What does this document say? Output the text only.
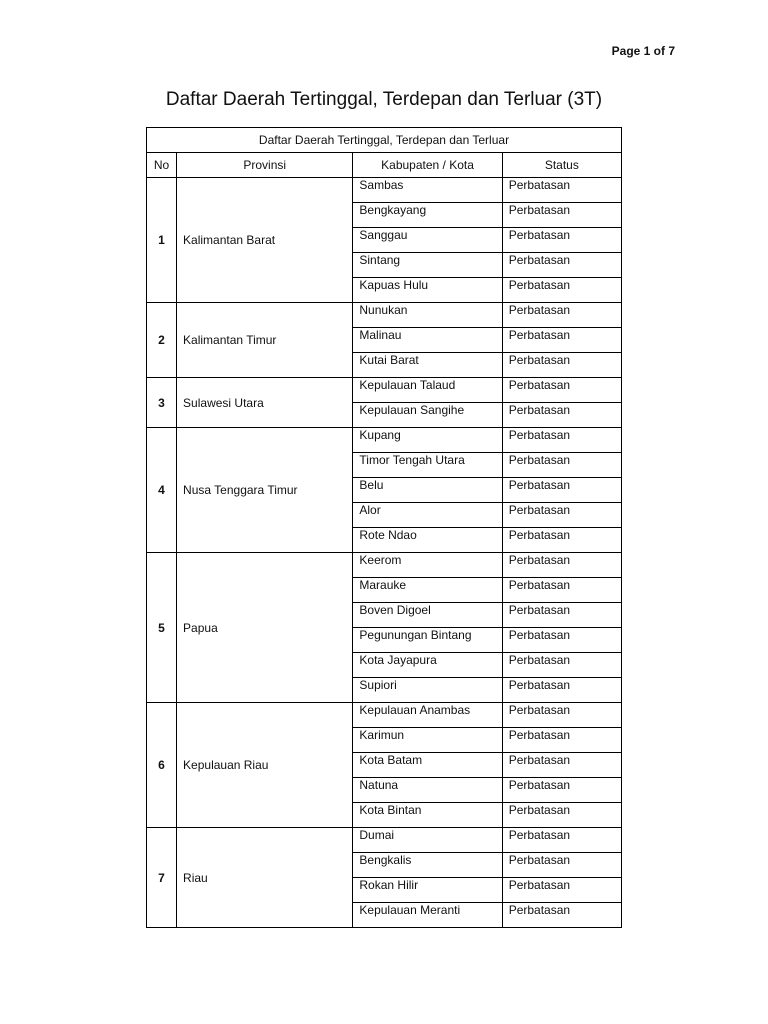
Page 1 of 7
Daftar Daerah Tertinggal, Terdepan dan Terluar (3T)
Daftar Daerah Tertinggal, Terdepan dan Terluar			
No	Provinsi	Kabupaten / Kota	Status
1	Kalimantan Barat	Sambas	Perbatasan
		Bengkayang	Perbatasan
		Sanggau	Perbatasan
		Sintang	Perbatasan
		Kapuas Hulu	Perbatasan
2	Kalimantan Timur	Nunukan	Perbatasan
		Malinau	Perbatasan
		Kutai Barat	Perbatasan
3	Sulawesi Utara	Kepulauan Talaud	Perbatasan
		Kepulauan Sangihe	Perbatasan
4	Nusa Tenggara Timur	Kupang	Perbatasan
		Timor Tengah Utara	Perbatasan
		Belu	Perbatasan
		Alor	Perbatasan
		Rote Ndao	Perbatasan
5	Papua	Keerom	Perbatasan
		Marauke	Perbatasan
		Boven Digoel	Perbatasan
		Pegunungan Bintang	Perbatasan
		Kota Jayapura	Perbatasan
		Supiori	Perbatasan
6	Kepulauan Riau	Kepulauan Anambas	Perbatasan
		Karimun	Perbatasan
		Kota Batam	Perbatasan
		Natuna	Perbatasan
		Kota Bintan	Perbatasan
7	Riau	Dumai	Perbatasan
		Bengkalis	Perbatasan
		Rokan Hilir	Perbatasan
		Kepulauan Meranti	Perbatasan
